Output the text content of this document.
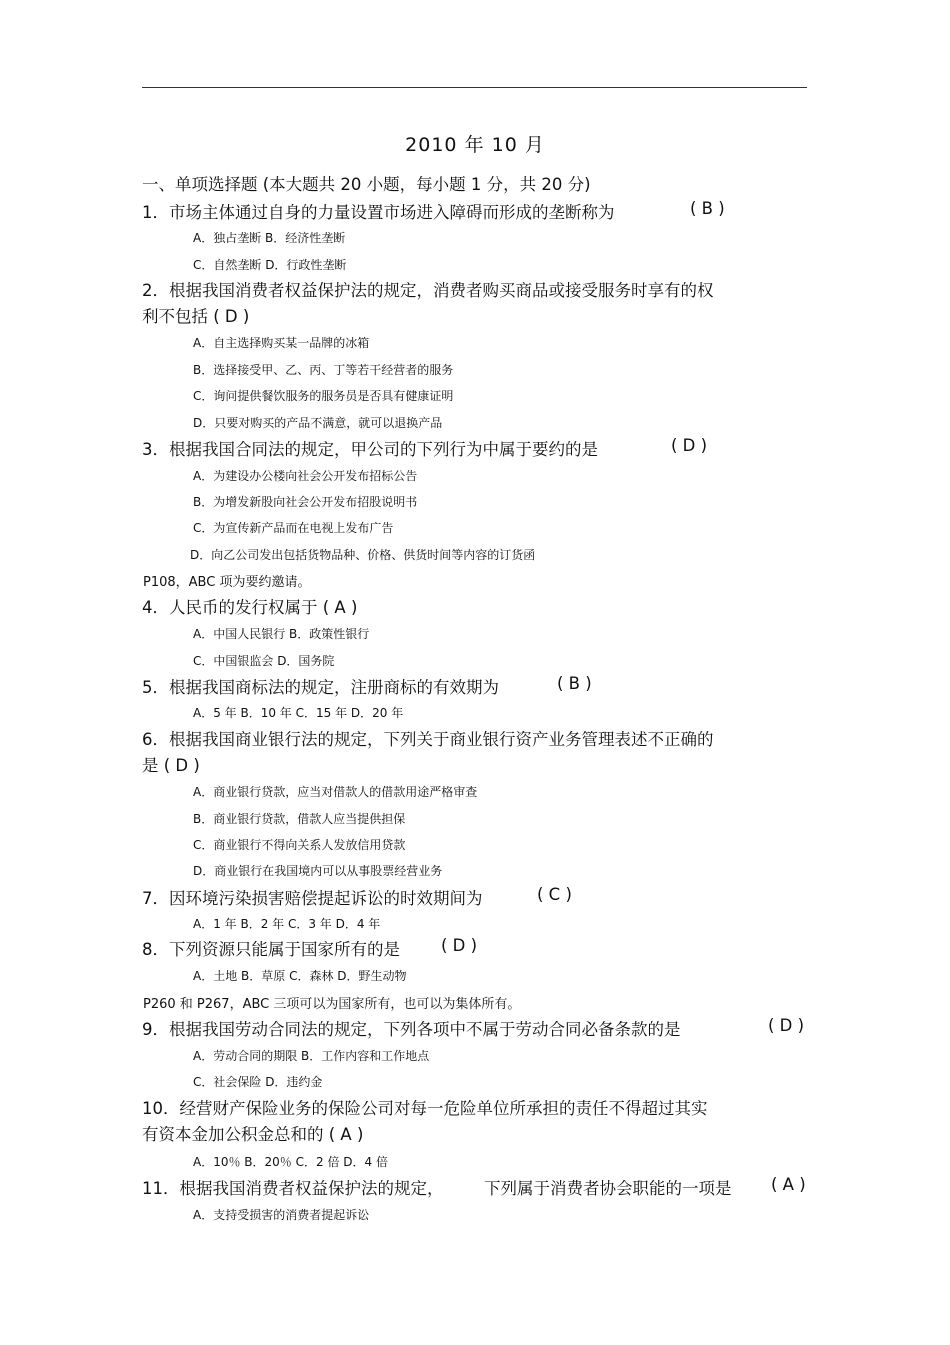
2010 年 10 月
一、单项选择题 (本大题共 20 小题，每小题 1 分，共 20 分)
1．市场主体通过自身的力量设置市场进入障碍而形成的垄断称为	( B )
A．独占垄断 B．经济性垄断
C．自然垄断 D．行政性垄断
2．根据我国消费者权益保护法的规定，消费者购买商品或接受服务时享有的权
利不包括 ( D )
A．自主选择购买某一品牌的冰箱
B．选择接受甲、乙、丙、丁等若干经营者的服务
C．询问提供餐饮服务的服务员是否具有健康证明
D．只要对购买的产品不满意，就可以退换产品
3．根据我国合同法的规定，甲公司的下列行为中属于要约的是	( D )
A．为建设办公楼向社会公开发布招标公告
B．为增发新股向社会公开发布招股说明书
C．为宣传新产品而在电视上发布广告
D．向乙公司发出包括货物品种、价格、供货时间等内容的订货函
P108，ABC 项为要约邀请。
4．人民币的发行权属于 ( A )
A．中国人民银行 B．政策性银行
C．中国银监会 D．国务院
5．根据我国商标法的规定，注册商标的有效期为	( B )
A．5 年 B．10 年 C．15 年 D．20 年
6．根据我国商业银行法的规定，下列关于商业银行资产业务管理表述不正确的
是 ( D )
A．商业银行贷款，应当对借款人的借款用途严格审查
B．商业银行贷款，借款人应当提供担保
C．商业银行不得向关系人发放信用贷款
D．商业银行在我国境内可以从事股票经营业务
7．因环境污染损害赔偿提起诉讼的时效期间为	( C )
A．1 年 B．2 年 C．3 年 D．4 年
8．下列资源只能属于国家所有的是 ( D )
A．土地 B．草原 C．森林 D．野生动物
P260 和 P267，ABC 三项可以为国家所有，也可以为集体所有。
9．根据我国劳动合同法的规定，下列各项中不属于劳动合同必备条款的是	( D )
A．劳动合同的期限 B．工作内容和工作地点
C．社会保险 D．违约金
10．经营财产保险业务的保险公司对每一危险单位所承担的责任不得超过其实
有资本金加公积金总和的 ( A )
A．10％ B．20％ C．2 倍 D．4 倍
11．根据我国消费者权益保护法的规定， 下列属于消费者协会职能的一项是 ( A )
A．支持受损害的消费者提起诉讼
